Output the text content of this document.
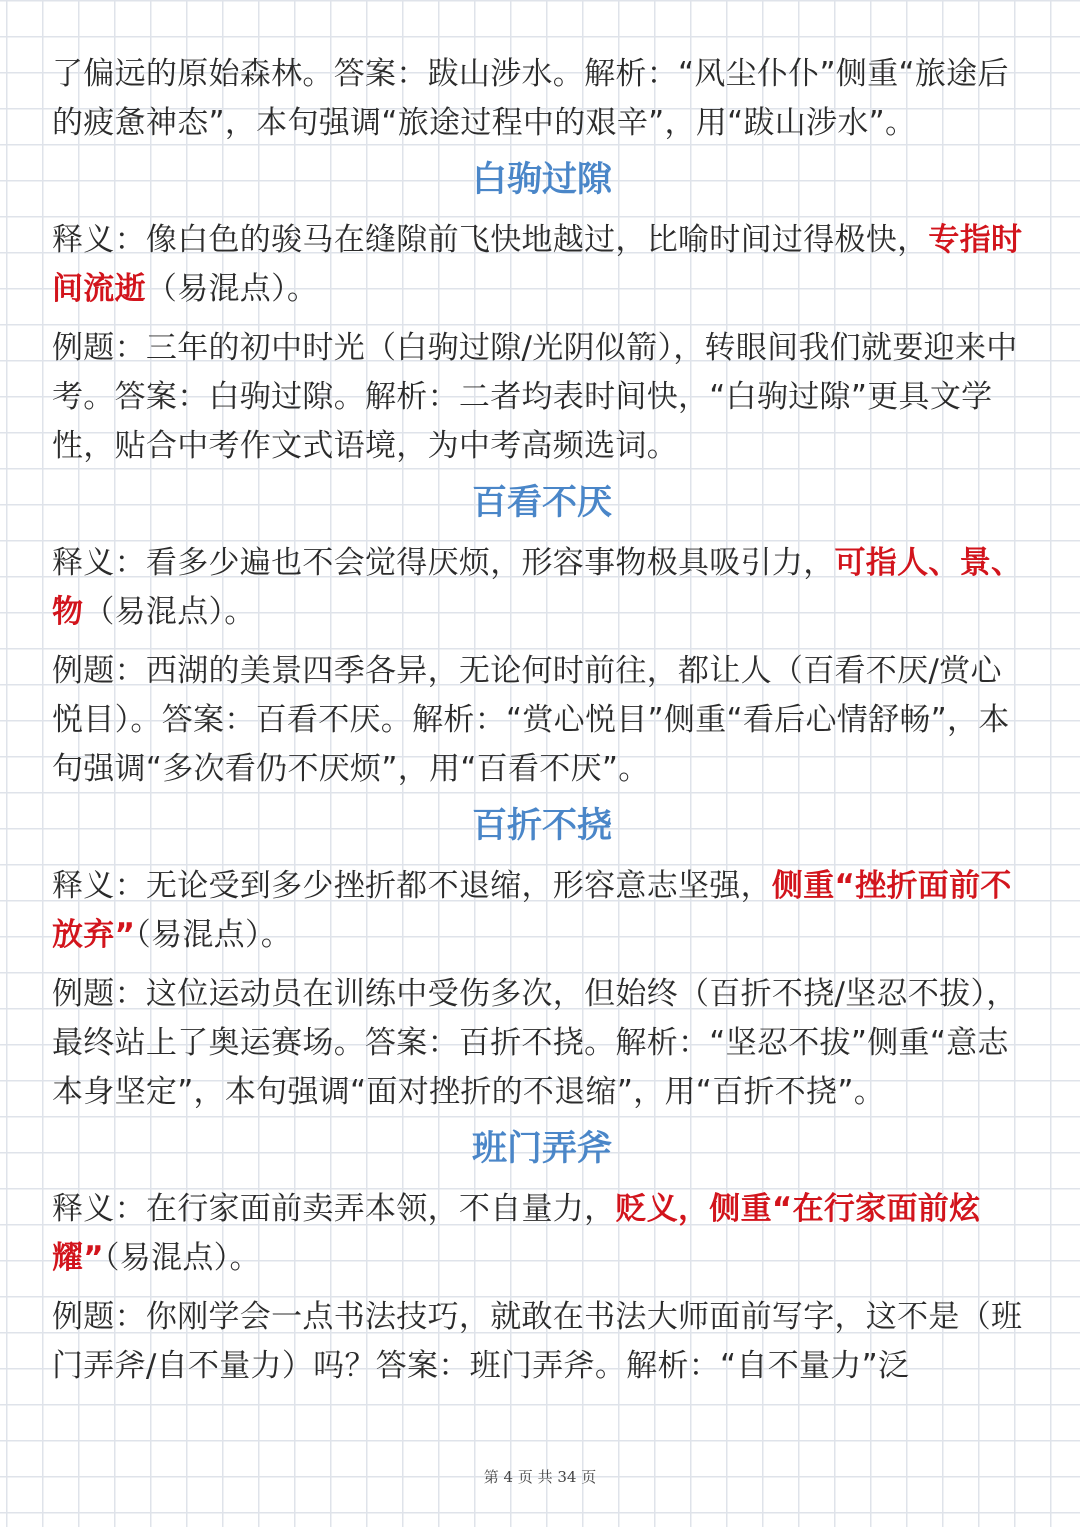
了偏远的原始森林。答案：跋山涉水。解析：“风尘仆仆”侧重“旅途后的疲惫神态”，本句强调“旅途过程中的艰辛”，用“跋山涉水”。

白驹过隙

释义：像白色的骏马在缝隙前飞快地越过，比喻时间过得极快，专指时间流逝（易混点）。

例题：三年的初中时光（白驹过隙/光阴似箭），转眼间我们就要迎来中考。答案：白驹过隙。解析：二者均表时间快，“白驹过隙”更具文学性，贴合中考作文式语境，为中考高频选词。

百看不厌

释义：看多少遍也不会觉得厌烦，形容事物极具吸引力，可指人、景、物（易混点）。

例题：西湖的美景四季各异，无论何时前往，都让人（百看不厌/赏心悦目）。答案：百看不厌。解析：“赏心悦目”侧重“看后心情舒畅”，本句强调“多次看仍不厌烦”，用“百看不厌”。

百折不挠

释义：无论受到多少挫折都不退缩，形容意志坚强，侧重“挫折面前不放弃”（易混点）。

例题：这位运动员在训练中受伤多次，但始终（百折不挠/坚忍不拔），最终站上了奥运赛场。答案：百折不挠。解析：“坚忍不拔”侧重“意志本身坚定”，本句强调“面对挫折的不退缩”，用“百折不挠”。

班门弄斧

释义：在行家面前卖弄本领，不自量力，贬义，侧重“在行家面前炫耀”（易混点）。

例题：你刚学会一点书法技巧，就敢在书法大师面前写字，这不是（班门弄斧/自不量力）吗？答案：班门弄斧。解析：“自不量力”泛

第 4 页 共 34 页
